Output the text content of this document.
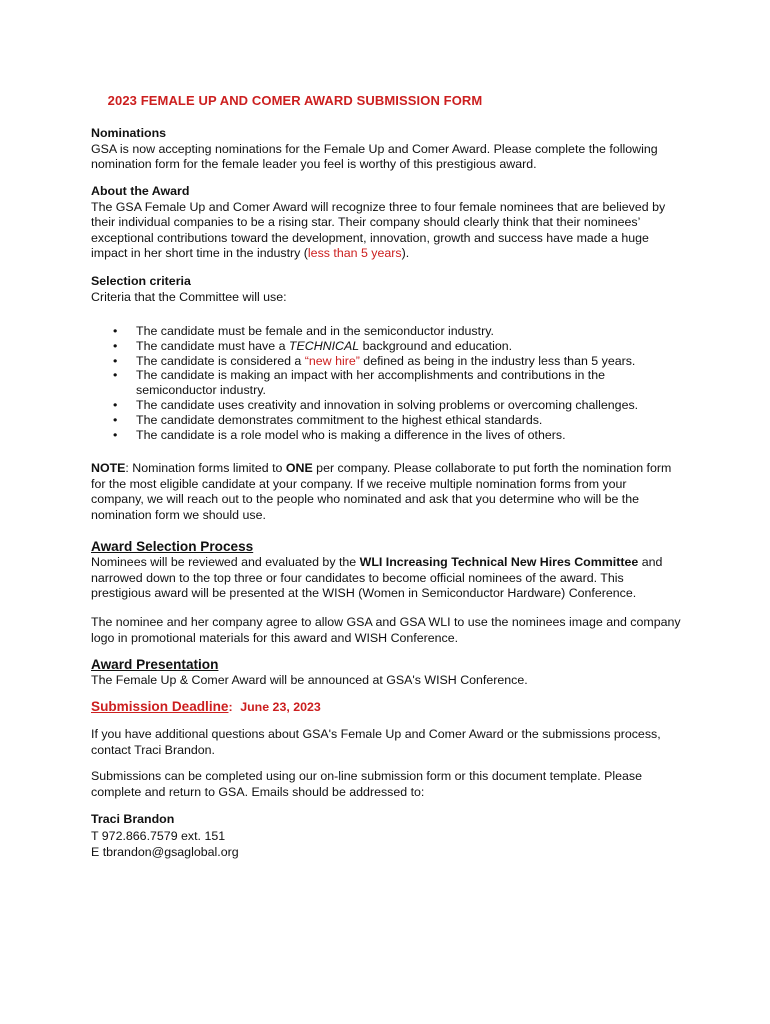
2023 FEMALE UP AND COMER AWARD SUBMISSION FORM

Nominations

GSA is now accepting nominations for the Female Up and Comer Award. Please complete the following nomination form for the female leader you feel is worthy of this prestigious award.

About the Award

The GSA Female Up and Comer Award will recognize three to four female nominees that are believed by their individual companies to be a rising star. Their company should clearly think that their nominees’ exceptional contributions toward the development, innovation, growth and success have made a huge impact in her short time in the industry (less than 5 years).

Selection criteria

Criteria that the Committee will use:

• The candidate must be female and in the semiconductor industry.
• The candidate must have a TECHNICAL background and education.
• The candidate is considered a “new hire” defined as being in the industry less than 5 years.
• The candidate is making an impact with her accomplishments and contributions in the semiconductor industry.
• The candidate uses creativity and innovation in solving problems or overcoming challenges.
• The candidate demonstrates commitment to the highest ethical standards.
• The candidate is a role model who is making a difference in the lives of others.

NOTE: Nomination forms limited to ONE per company. Please collaborate to put forth the nomination form for the most eligible candidate at your company. If we receive multiple nomination forms from your company, we will reach out to the people who nominated and ask that you determine who will be the nomination form we should use.

Award Selection Process

Nominees will be reviewed and evaluated by the WLI Increasing Technical New Hires Committee and narrowed down to the top three or four candidates to become official nominees of the award. This prestigious award will be presented at the WISH (Women in Semiconductor Hardware) Conference.

The nominee and her company agree to allow GSA and GSA WLI to use the nominees image and company logo in promotional materials for this award and WISH Conference.

Award Presentation

The Female Up & Comer Award will be announced at GSA's WISH Conference.

Submission Deadline: June 23, 2023

If you have additional questions about GSA's Female Up and Comer Award or the submissions process, contact Traci Brandon.

Submissions can be completed using our on-line submission form or this document template. Please complete and return to GSA. Emails should be addressed to:

Traci Brandon

T 972.866.7579 ext. 151

E tbrandon@gsaglobal.org
